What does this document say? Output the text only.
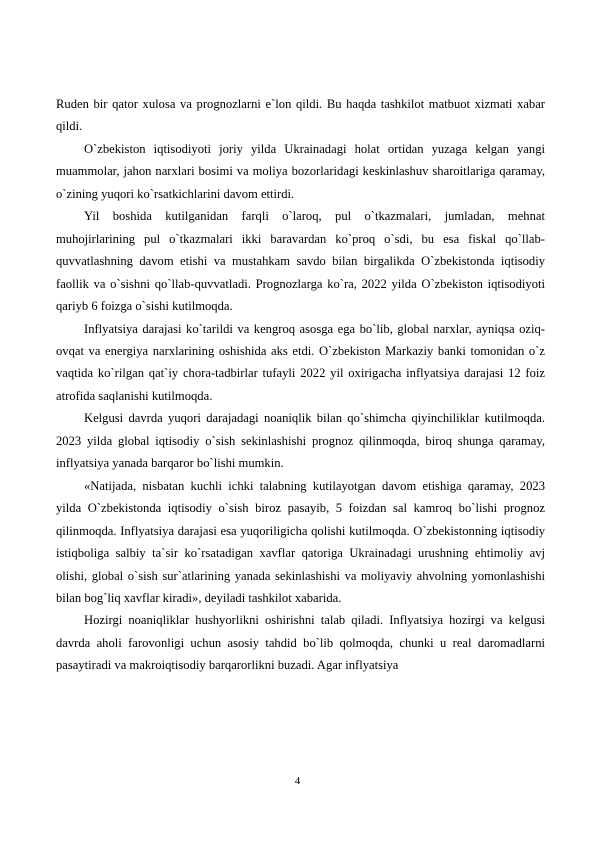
Ruden bir qator xulosa va prognozlarni e`lon qildi. Bu haqda tashkilot matbuot xizmati xabar qildi.

O`zbekiston iqtisodiyoti joriy yilda Ukrainadagi holat ortidan yuzaga kelgan yangi muammolar, jahon narxlari bosimi va moliya bozorlaridagi keskinlashuv sharoitlariga qaramay, o`zining yuqori ko`rsatkichlarini davom ettirdi.

Yil boshida kutilganidan farqli o`laroq, pul o`tkazmalari, jumladan, mehnat muhojirlarining pul o`tkazmalari ikki baravardan ko`proq o`sdi, bu esa fiskal qo`llab-quvvatlashning davom etishi va mustahkam savdo bilan birgalikda O`zbekistonda iqtisodiy faollik va o`sishni qo`llab-quvvatladi. Prognozlarga ko`ra, 2022 yilda O`zbekiston iqtisodiyoti qariyb 6 foizga o`sishi kutilmoqda.

Inflyatsiya darajasi ko`tarildi va kengroq asosga ega bo`lib, global narxlar, ayniqsa oziq-ovqat va energiya narxlarining oshishida aks etdi. O`zbekiston Markaziy banki tomonidan o`z vaqtida ko`rilgan qat`iy chora-tadbirlar tufayli 2022 yil oxirigacha inflyatsiya darajasi 12 foiz atrofida saqlanishi kutilmoqda.

Kelgusi davrda yuqori darajadagi noaniqlik bilan qo`shimcha qiyinchiliklar kutilmoqda. 2023 yilda global iqtisodiy o`sish sekinlashishi prognoz qilinmoqda, biroq shunga qaramay, inflyatsiya yanada barqaror bo`lishi mumkin.

«Natijada, nisbatan kuchli ichki talabning kutilayotgan davom etishiga qaramay, 2023 yilda O`zbekistonda iqtisodiy o`sish biroz pasayib, 5 foizdan sal kamroq bo`lishi prognoz qilinmoqda. Inflyatsiya darajasi esa yuqoriligicha qolishi kutilmoqda. O`zbekistonning iqtisodiy istiqboliga salbiy ta`sir ko`rsatadigan xavflar qatoriga Ukrainadagi urushning ehtimoliy avj olishi, global o`sish sur`atlarining yanada sekinlashishi va moliyaviy ahvolning yomonlashishi bilan bog`liq xavflar kiradi», deyiladi tashkilot xabarida.

Hozirgi noaniqliklar hushyorlikni oshirishni talab qiladi. Inflyatsiya hozirgi va kelgusi davrda aholi farovonligi uchun asosiy tahdid bo`lib qolmoqda, chunki u real daromadlarni pasaytiradi va makroiqtisodiy barqarorlikni buzadi. Agar inflyatsiya

4
